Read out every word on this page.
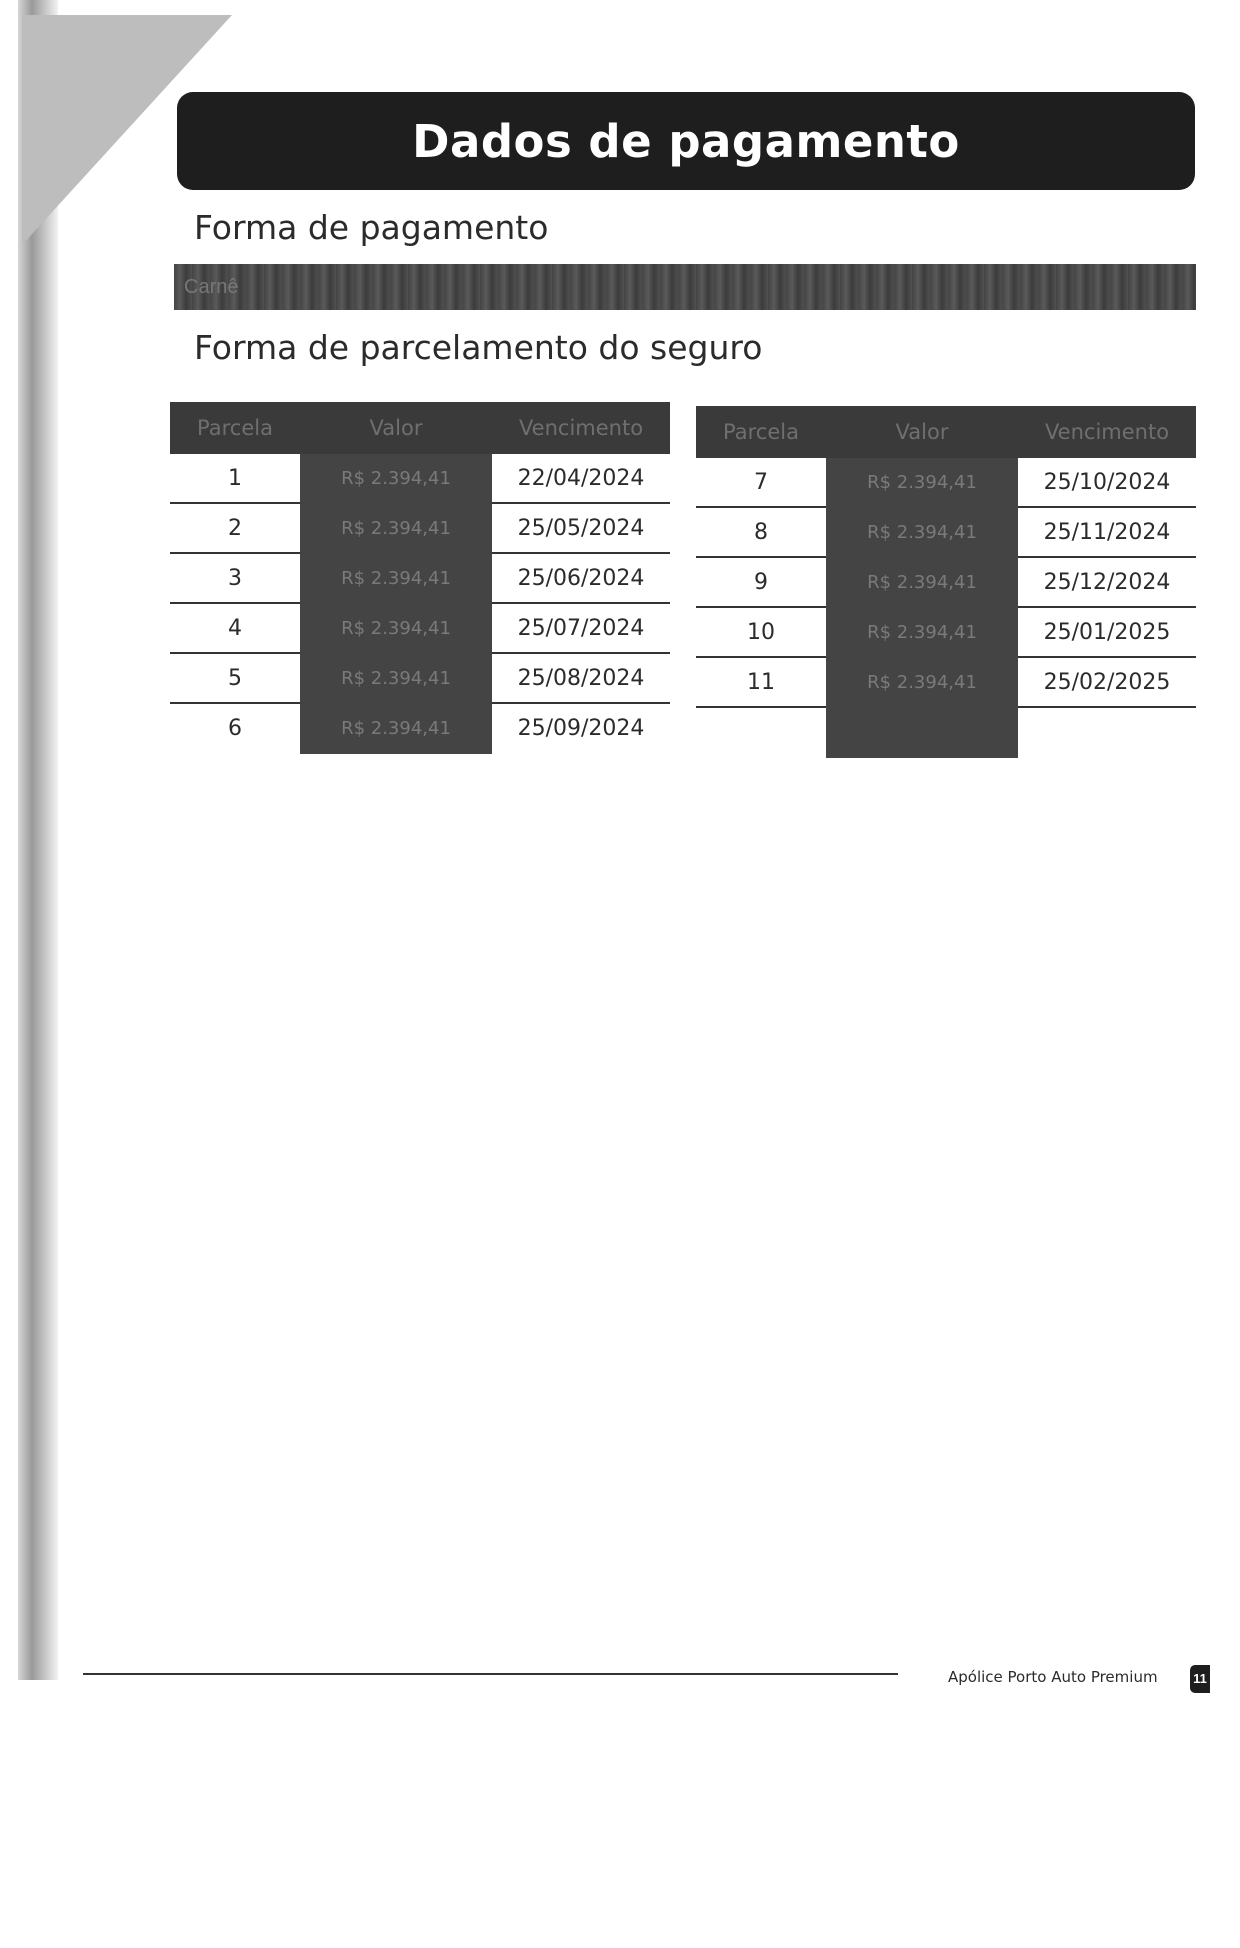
Dados de pagamento
Forma de pagamento
Carnê
Forma de parcelamento do seguro
Parcela	Valor	Vencimento
1	R$ 2.394,41	22/04/2024
2	R$ 2.394,41	25/05/2024
3	R$ 2.394,41	25/06/2024
4	R$ 2.394,41	25/07/2024
5	R$ 2.394,41	25/08/2024
6	R$ 2.394,41	25/09/2024
Parcela	Valor	Vencimento
7	R$ 2.394,41	25/10/2024
8	R$ 2.394,41	25/11/2024
9	R$ 2.394,41	25/12/2024
10	R$ 2.394,41	25/01/2025
11	R$ 2.394,41	25/02/2025

Apólice Porto Auto Premium	11
